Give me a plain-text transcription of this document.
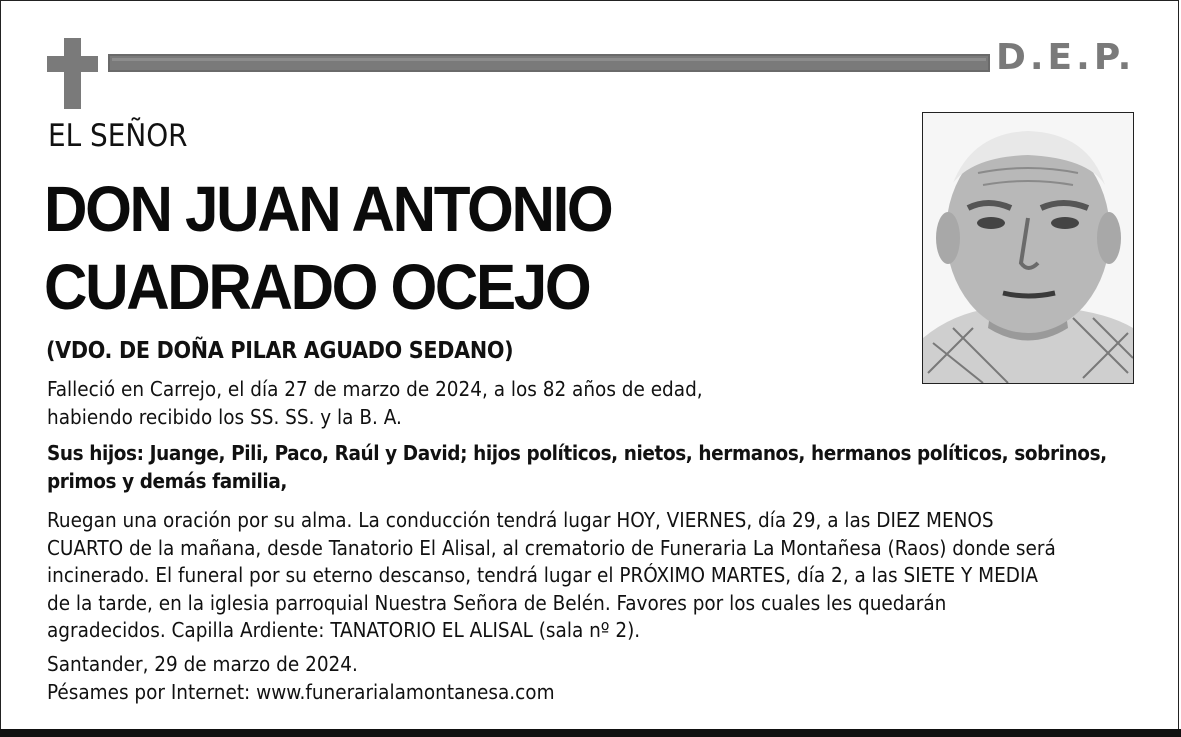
D.E.P.
EL SEÑOR
DON JUAN ANTONIO
CUADRADO OCEJO
(VDO. DE DOÑA PILAR AGUADO SEDANO)

Falleció en Carrejo, el día 27 de marzo de 2024, a los 82 años de edad,
habiendo recibido los SS. SS. y la B. A.

Sus hijos: Juange, Pili, Paco, Raúl y David; hijos políticos, nietos, hermanos, hermanos políticos, sobrinos,
primos y demás familia,

Ruegan una oración por su alma. La conducción tendrá lugar HOY, VIERNES, día 29, a las DIEZ MENOS
CUARTO de la mañana, desde Tanatorio El Alisal, al crematorio de Funeraria La Montañesa (Raos) donde será
incinerado. El funeral por su eterno descanso, tendrá lugar el PRÓXIMO MARTES, día 2, a las SIETE Y MEDIA
de la tarde, en la iglesia parroquial Nuestra Señora de Belén. Favores por los cuales les quedarán
agradecidos. Capilla Ardiente: TANATORIO EL ALISAL (sala nº 2).

Santander, 29 de marzo de 2024.
Pésames por Internet: www.funerarialamontanesa.com
